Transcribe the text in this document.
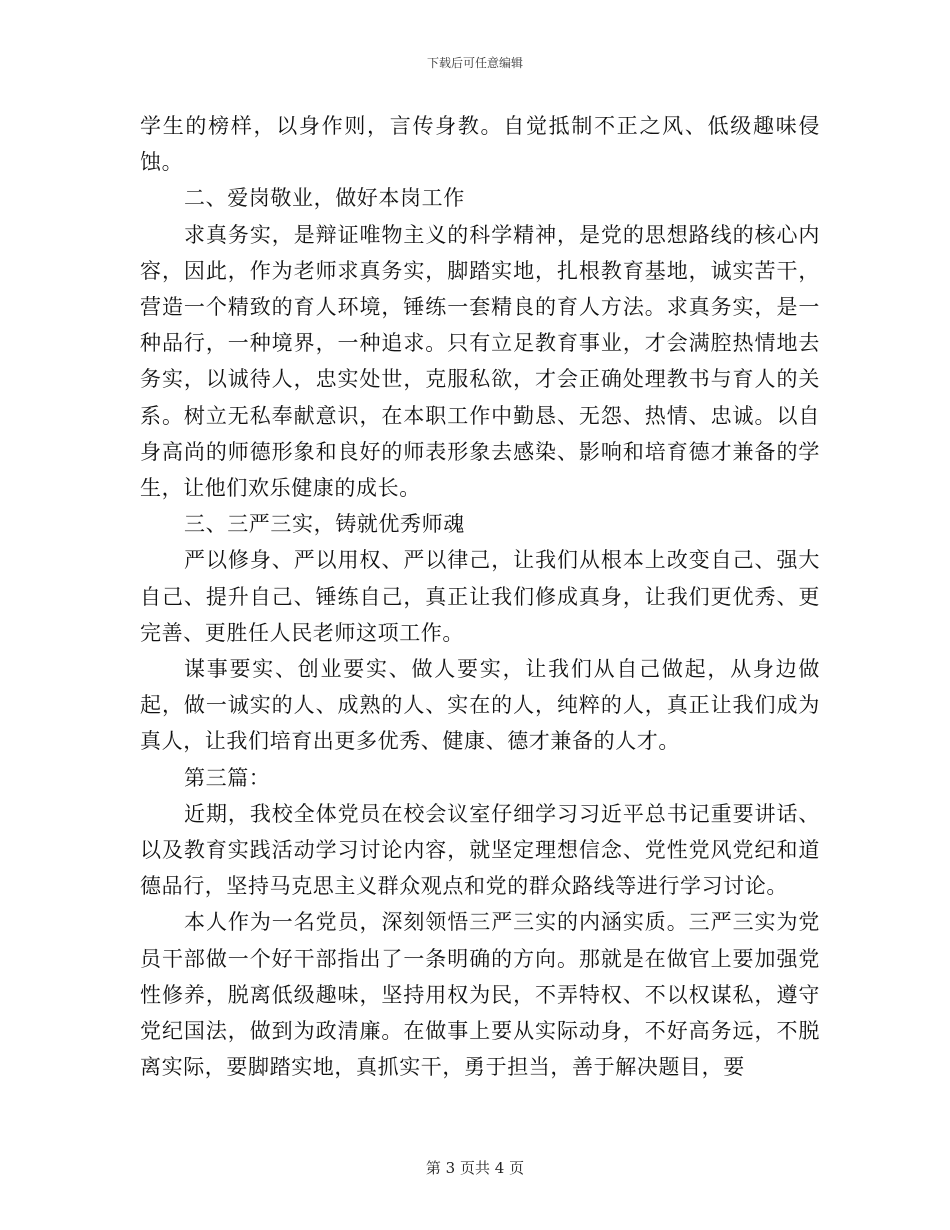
下载后可任意编辑

学生的榜样，以身作则，言传身教。自觉抵制不正之风、低级趣味侵蚀。

二、爱岗敬业，做好本岗工作

求真务实，是辩证唯物主义的科学精神，是党的思想路线的核心内容，因此，作为老师求真务实，脚踏实地，扎根教育基地，诚实苦干，营造一个精致的育人环境，锤练一套精良的育人方法。求真务实，是一种品行，一种境界，一种追求。只有立足教育事业，才会满腔热情地去务实，以诚待人，忠实处世，克服私欲，才会正确处理教书与育人的关系。树立无私奉献意识，在本职工作中勤恳、无怨、热情、忠诚。以自身高尚的师德形象和良好的师表形象去感染、影响和培育德才兼备的学生，让他们欢乐健康的成长。

三、三严三实，铸就优秀师魂

严以修身、严以用权、严以律己，让我们从根本上改变自己、强大自己、提升自己、锤练自己，真正让我们修成真身，让我们更优秀、更完善、更胜任人民老师这项工作。

谋事要实、创业要实、做人要实，让我们从自己做起，从身边做起，做一诚实的人、成熟的人、实在的人，纯粹的人，真正让我们成为真人，让我们培育出更多优秀、健康、德才兼备的人才。

第三篇：

近期，我校全体党员在校会议室仔细学习习近平总书记重要讲话、以及教育实践活动学习讨论内容，就坚定理想信念、党性党风党纪和道德品行，坚持马克思主义群众观点和党的群众路线等进行学习讨论。

本人作为一名党员，深刻领悟三严三实的内涵实质。三严三实为党员干部做一个好干部指出了一条明确的方向。那就是在做官上要加强党性修养，脱离低级趣味，坚持用权为民，不弄特权、不以权谋私，遵守党纪国法，做到为政清廉。在做事上要从实际动身，不好高务远，不脱离实际，要脚踏实地，真抓实干，勇于担当，善于解决题目，要

第 3 页共 4 页
